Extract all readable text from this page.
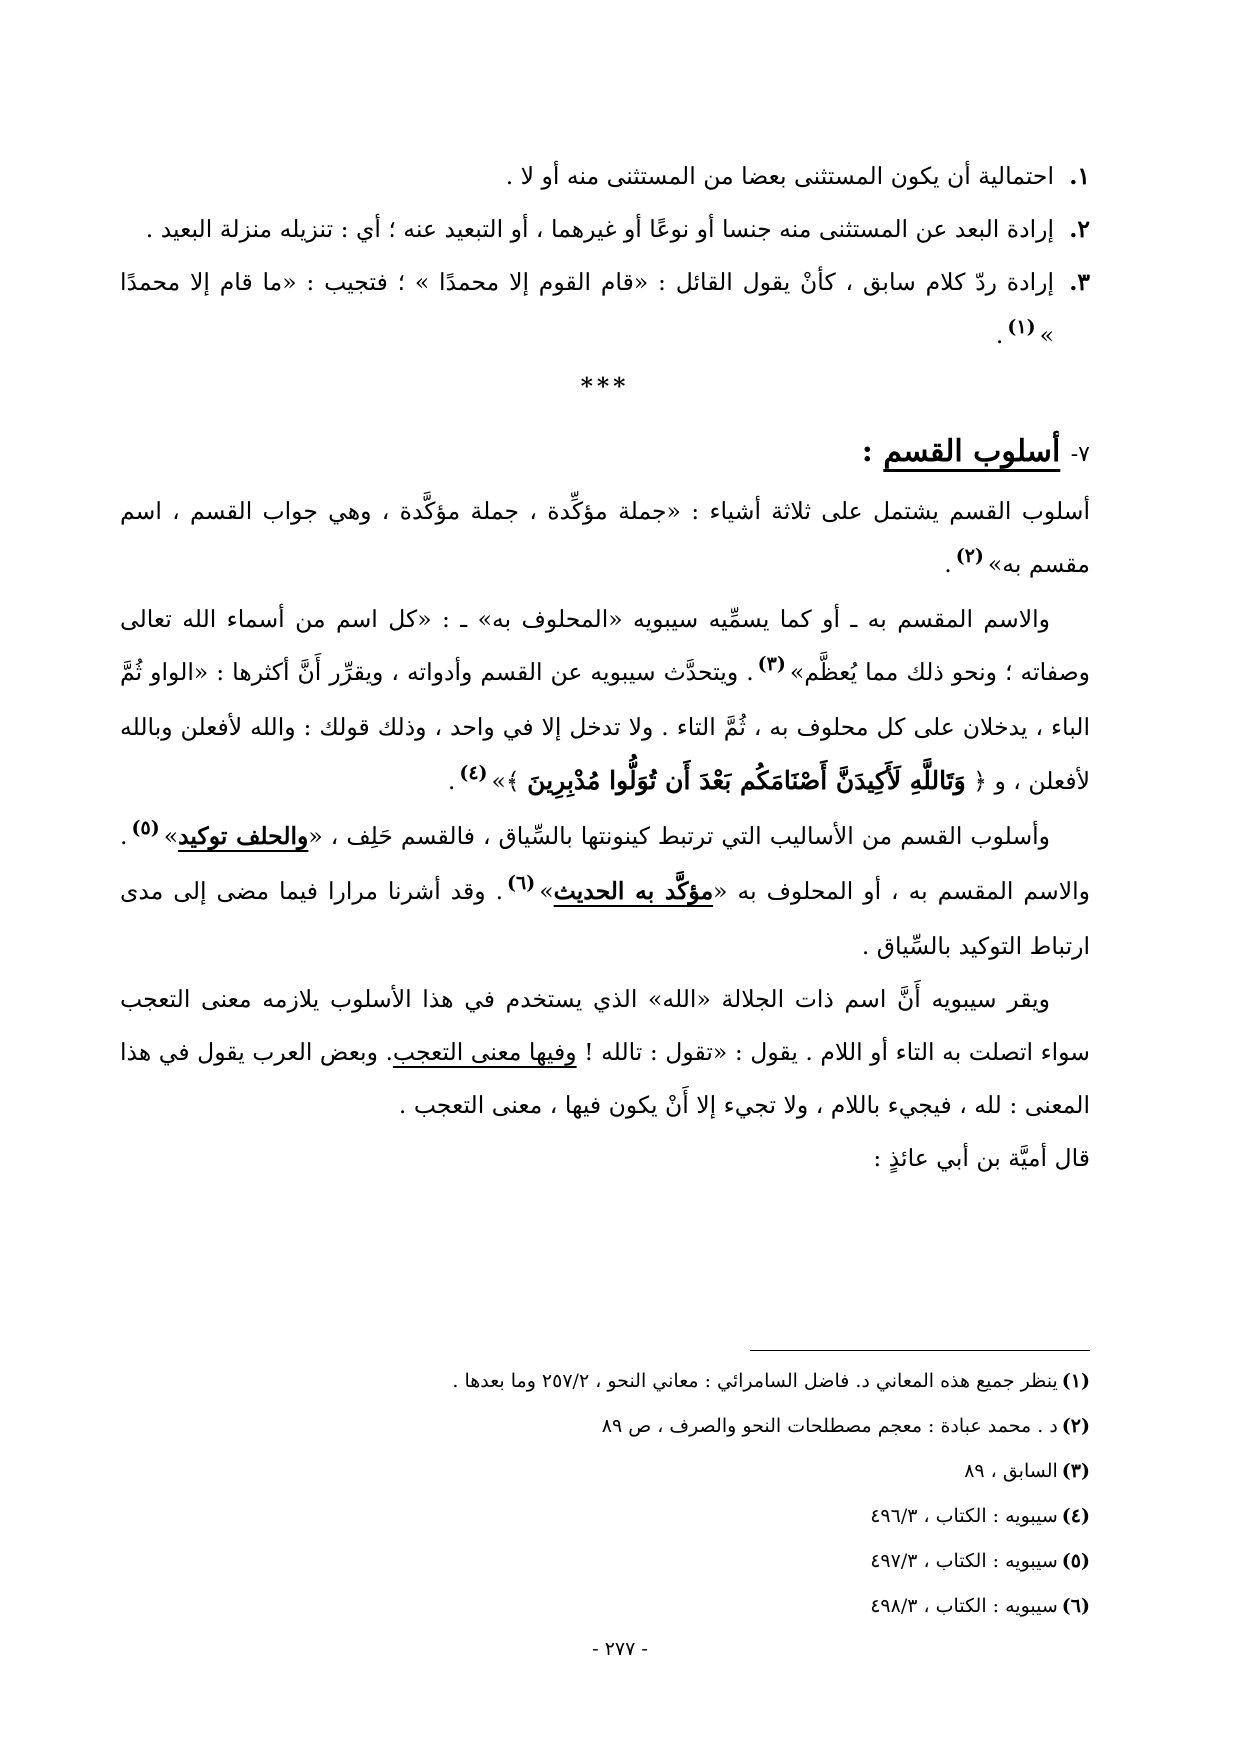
١.
احتمالية أن يكون المستثنى بعضا من المستثنى منه أو لا .
٢.
إرادة البعد عن المستثنى منه جنسا أو نوعًا أو غيرهما ، أو التبعيد عنه ؛ أي : تنزيله منزلة البعيد .
٣.
إرادة ردّ كلام سابق ، كأنْ يقول القائل : «قام القوم إلا محمدًا » ؛ فتجيب : «ما قام إلا محمدًا »$^{(١)}$.

***

٧- أسلوب القسم :

أسلوب القسم يشتمل على ثلاثة أشياء : «جملة مؤكِّدة ، جملة مؤكَّدة ، وهي جواب القسم ، اسم مقسم به»$^{(٢)}$.

والاسم المقسم به ـ أو كما يسمِّيه سيبويه «المحلوف به» ـ : «كل اسم من أسماء الله تعالى وصفاته ؛ ونحو ذلك مما يُعظَّم»$^{(٣)}$. ويتحدَّث سيبويه عن القسم وأدواته ، ويقرِّر أَنَّ أكثرها : «الواو ثُمَّ الباء ، يدخلان على كل محلوف به ، ثُمَّ التاء . ولا تدخل إلا في واحد ، وذلك قولك : والله لأفعلن وبالله لأفعلن ، و ﴿ وَتَاللَّهِ لَأَكِيدَنَّ أَصْنَامَكُم بَعْدَ أَن تُوَلُّوا مُدْبِرِينَ ﴾»$^{(٤)}$.

وأسلوب القسم من الأساليب التي ترتبط كينونتها بالسِّياق ، فالقسم حَلِف ، «والحلف توكيد»$^{(٥)}$. والاسم المقسم به ، أو المحلوف به «مؤكَّد به الحديث»$^{(٦)}$. وقد أشرنا مرارا فيما مضى إلى مدى ارتباط التوكيد بالسِّياق .

ويقر سيبويه أَنَّ اسم ذات الجلالة «الله» الذي يستخدم في هذا الأسلوب يلازمه معنى التعجب سواء اتصلت به التاء أو اللام . يقول : «تقول : تالله ! وفيها معنى التعجب. وبعض العرب يقول في هذا المعنى : لله ، فيجيء باللام ، ولا تجيء إلا أَنْ يكون فيها ، معنى التعجب .

قال أميَّة بن أبي عائذٍ :

(١)ينظر جميع هذه المعاني د. فاضل السامرائي : معاني النحو ، ٢٥٧/٢ وما بعدها .
(٢)د . محمد عبادة : معجم مصطلحات النحو والصرف ، ص ٨٩
(٣)السابق ، ٨٩
(٤)سيبويه : الكتاب ، ٤٩٦/٣
(٥)سيبويه : الكتاب ، ٤٩٧/٣
(٦)سيبويه : الكتاب ، ٤٩٨/٣
- ٢٧٧ -
